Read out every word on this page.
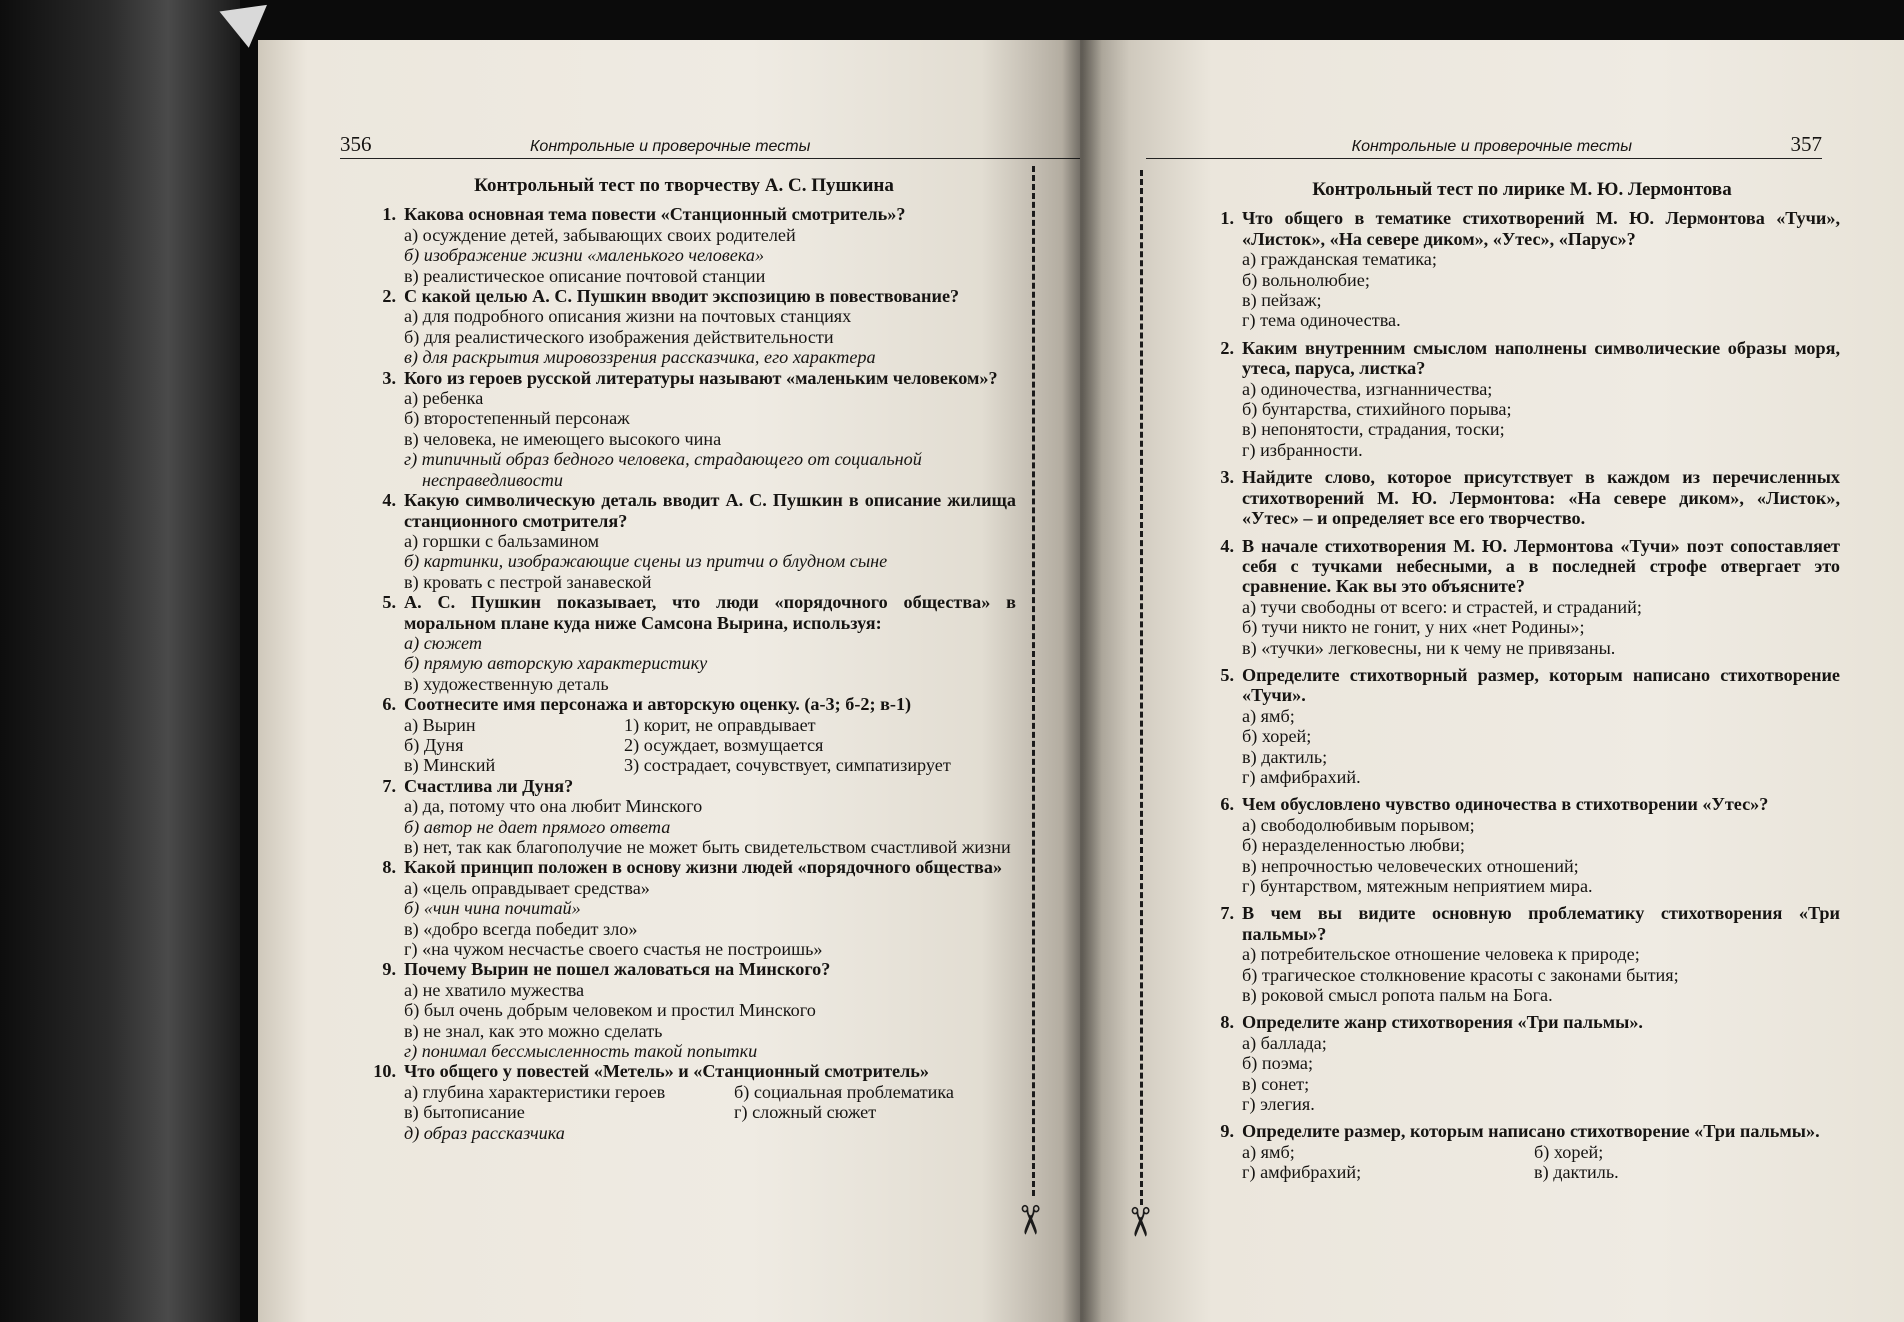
356	Контрольные и проверочные тесты
Контрольный тест по творчеству А. С. Пушкина
1. Какова основная тема повести «Станционный смотритель»?
а) осуждение детей, забывающих своих родителей
б) изображение жизни «маленького человека»
в) реалистическое описание почтовой станции
2. С какой целью А. С. Пушкин вводит экспозицию в повествование?
а) для подробного описания жизни на почтовых станциях
б) для реалистического изображения действительности
в) для раскрытия мировоззрения рассказчика, его характера
3. Кого из героев русской литературы называют «маленьким человеком»?
а) ребенка
б) второстепенный персонаж
в) человека, не имеющего высокого чина
г) типичный образ бедного человека, страдающего от социальной несправедливости
4. Какую символическую деталь вводит А. С. Пушкин в описание жилища станционного смотрителя?
а) горшки с бальзамином
б) картинки, изображающие сцены из притчи о блудном сыне
в) кровать с пестрой занавеской
5. А. С. Пушкин показывает, что люди «порядочного общества» в моральном плане куда ниже Самсона Вырина, используя:
а) сюжет
б) прямую авторскую характеристику
в) художественную деталь
6. Соотнесите имя персонажа и авторскую оценку. (а-3; б-2; в-1)
а) Вырин	1) корит, не оправдывает
б) Дуня	2) осуждает, возмущается
в) Минский	3) сострадает, сочувствует, симпатизирует
7. Счастлива ли Дуня?
а) да, потому что она любит Минского
б) автор не дает прямого ответа
в) нет, так как благополучие не может быть свидетельством счастливой жизни
8. Какой принцип положен в основу жизни людей «порядочного общества»
а) «цель оправдывает средства»
б) «чин чина почитай»
в) «добро всегда победит зло»
г) «на чужом несчастье своего счастья не построишь»
9. Почему Вырин не пошел жаловаться на Минского?
а) не хватило мужества
б) был очень добрым человеком и простил Минского
в) не знал, как это можно сделать
г) понимал бессмысленность такой попытки
10. Что общего у повестей «Метель» и «Станционный смотритель»
а) глубина характеристики героев	б) социальная проблематика
в) бытописание	г) сложный сюжет
д) образ рассказчика
✂
Контрольные и проверочные тесты	357
Контрольный тест по лирике М. Ю. Лермонтова
1. Что общего в тематике стихотворений М. Ю. Лермонтова «Тучи», «Листок», «На севере диком», «Утес», «Парус»?
а) гражданская тематика;
б) вольнолюбие;
в) пейзаж;
г) тема одиночества.
2. Каким внутренним смыслом наполнены символические образы моря, утеса, паруса, листка?
а) одиночества, изгнанничества;
б) бунтарства, стихийного порыва;
в) непонятости, страдания, тоски;
г) избранности.
3. Найдите слово, которое присутствует в каждом из перечисленных стихотворений М. Ю. Лермонтова: «На севере диком», «Листок», «Утес» – и определяет все его творчество.
4. В начале стихотворения М. Ю. Лермонтова «Тучи» поэт сопоставляет себя с тучками небесными, а в последней строфе отвергает это сравнение. Как вы это объясните?
а) тучи свободны от всего: и страстей, и страданий;
б) тучи никто не гонит, у них «нет Родины»;
в) «тучки» легковесны, ни к чему не привязаны.
5. Определите стихотворный размер, которым написано стихотворение «Тучи».
а) ямб;
б) хорей;
в) дактиль;
г) амфибрахий.
6. Чем обусловлено чувство одиночества в стихотворении «Утес»?
а) свободолюбивым порывом;
б) неразделенностью любви;
в) непрочностью человеческих отношений;
г) бунтарством, мятежным неприятием мира.
7. В чем вы видите основную проблематику стихотворения «Три пальмы»?
а) потребительское отношение человека к природе;
б) трагическое столкновение красоты с законами бытия;
в) роковой смысл ропота пальм на Бога.
8. Определите жанр стихотворения «Три пальмы».
а) баллада;
б) поэма;
в) сонет;
г) элегия.
9. Определите размер, которым написано стихотворение «Три пальмы».
а) ямб;	б) хорей;
г) амфибрахий;	в) дактиль.
✂
